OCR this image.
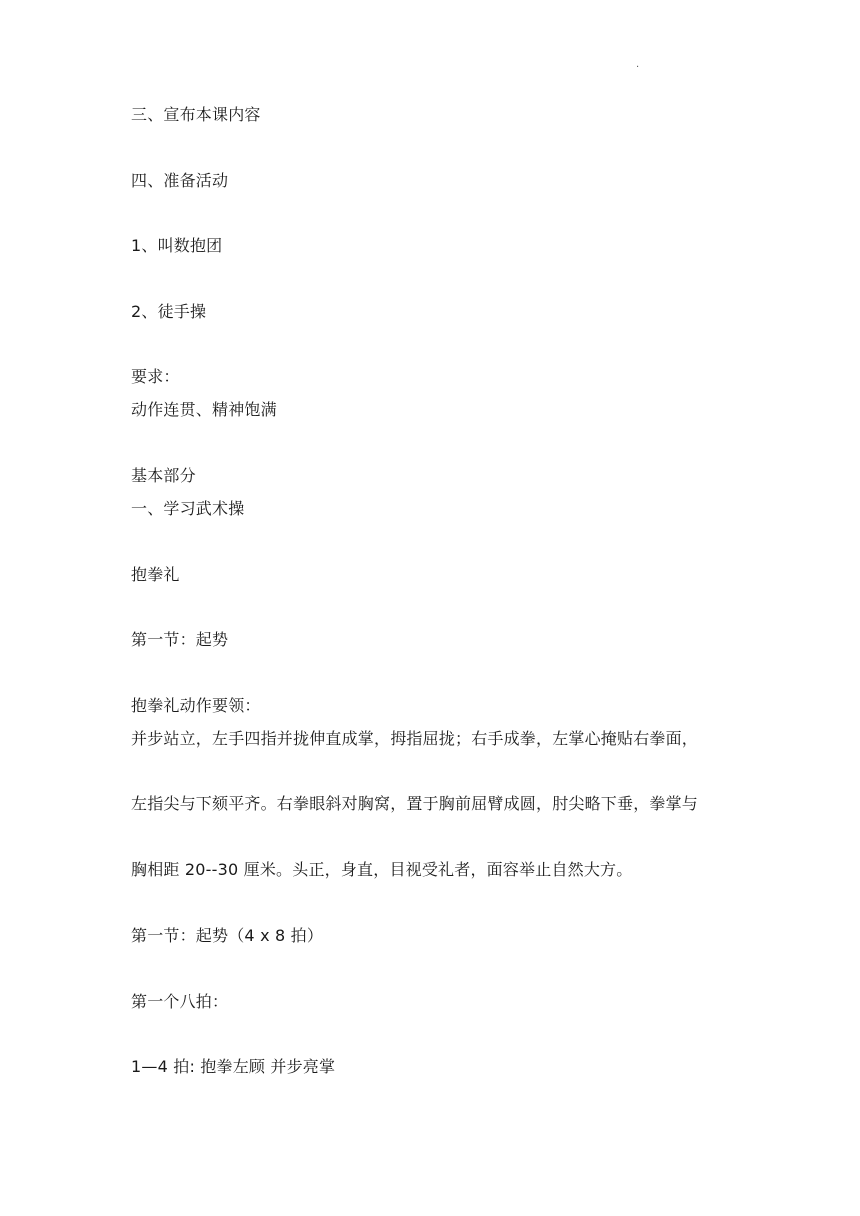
.
三、宣布本课内容
四、准备活动
1、叫数抱团
2、徒手操
要求：
动作连贯、精神饱满
基本部分
一、学习武术操
抱拳礼
第一节：起势
抱拳礼动作要领：
并步站立，左手四指并拢伸直成掌，拇指屈拢；右手成拳，左掌心掩贴右拳面，
左指尖与下颏平齐。右拳眼斜对胸窝，置于胸前屈臂成圆，肘尖略下垂，拳掌与
胸相距 20--30 厘米。头正，身直，目视受礼者，面容举止自然大方。
第一节：起势（4 x 8 拍）
第一个八拍：
1—4 拍: 抱拳左顾 并步亮掌
